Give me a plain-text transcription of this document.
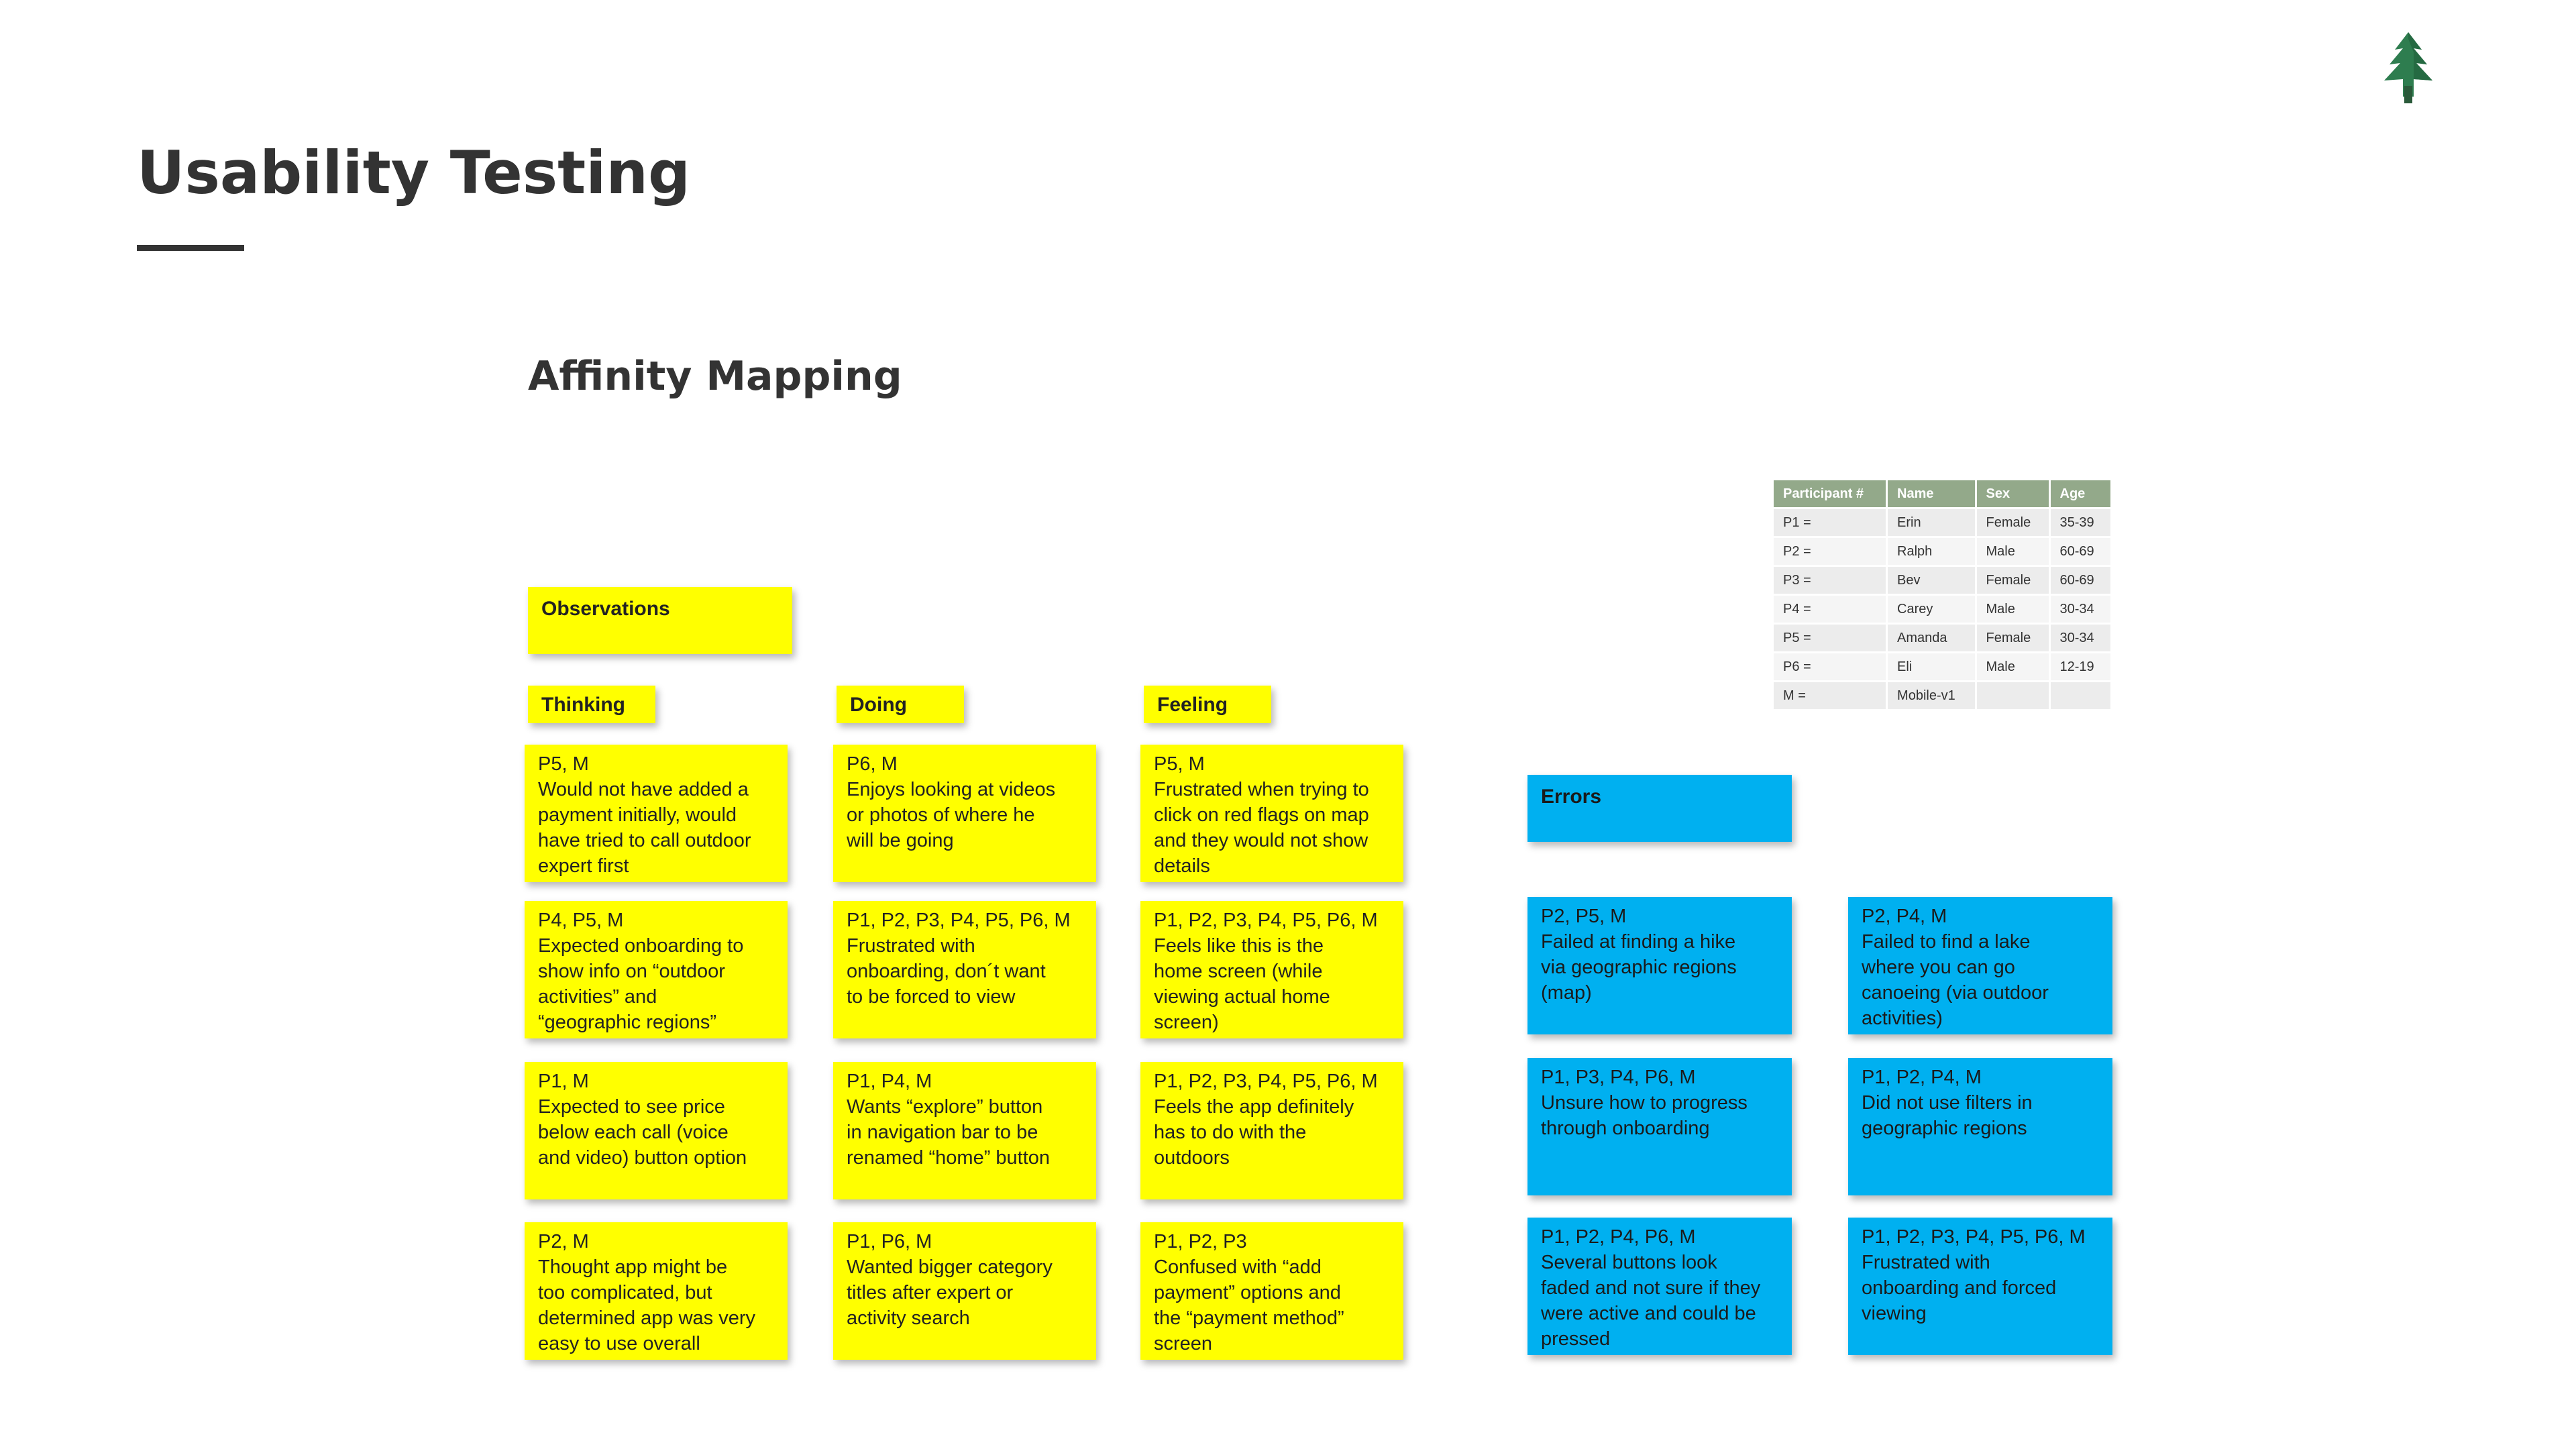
Usability Testing
Affinity Mapping
Participant #	Name	Sex	Age
P1 =	Erin	Female	35-39
P2 =	Ralph	Male	60-69
P3 =	Bev	Female	60-69
P4 =	Carey	Male	30-34
P5 =	Amanda	Female	30-34
P6 =	Eli	Male	12-19
M =	Mobile-v1		
Observations
Errors
Thinking
P5, M
Would not have added a
payment initially, would
have tried to call outdoor
expert first
P4, P5, M
Expected onboarding to
show info on “outdoor
activities” and
“geographic regions”
P1, M
Expected to see price
below each call (voice
and video) button option
P2, M
Thought app might be
too complicated, but
determined app was very
easy to use overall
Doing
P6, M
Enjoys looking at videos
or photos of where he
will be going
P1, P2, P3, P4, P5, P6, M
Frustrated with
onboarding, don´t want
to be forced to view
P1, P4, M
Wants “explore” button
in navigation bar to be
renamed “home” button
P1, P6, M
Wanted bigger category
titles after expert or
activity search
Feeling
P5, M
Frustrated when trying to
click on red flags on map
and they would not show
details
P1, P2, P3, P4, P5, P6, M
Feels like this is the
home screen (while
viewing actual home
screen)
P1, P2, P3, P4, P5, P6, M
Feels the app definitely
has to do with the
outdoors
P1, P2, P3
Confused with “add
payment” options and
the “payment method”
screen
P2, P5, M
Failed at finding a hike
via geographic regions
(map)
P2, P4, M
Failed to find a lake
where you can go
canoeing (via outdoor
activities)
P1, P3, P4, P6, M
Unsure how to progress
through onboarding
P1, P2, P4, M
Did not use filters in
geographic regions
P1, P2, P4, P6, M
Several buttons look
faded and not sure if they
were active and could be
pressed
P1, P2, P3, P4, P5, P6, M
Frustrated with
onboarding and forced
viewing
